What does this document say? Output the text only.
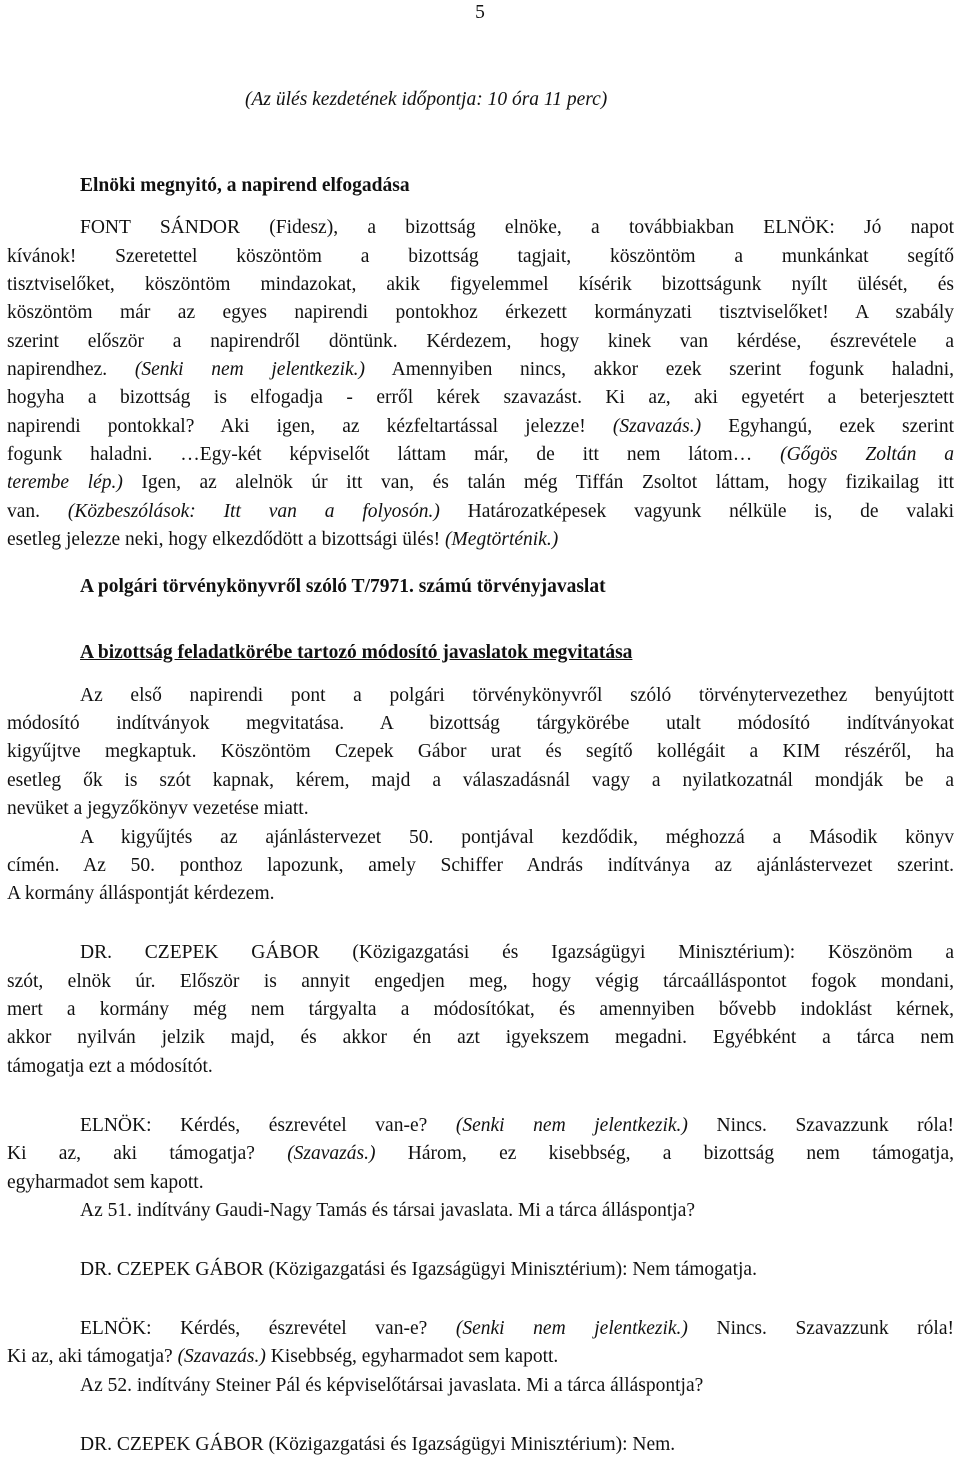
5
(Az ülés kezdetének időpontja: 10 óra 11 perc)
Elnöki megnyitó, a napirend elfogadása
FONT SÁNDOR (Fidesz), a bizottság elnöke, a továbbiakban ELNÖK: Jó napot
kívánok! Szeretettel köszöntöm a bizottság tagjait, köszöntöm a munkánkat segítő
tisztviselőket, köszöntöm mindazokat, akik figyelemmel kísérik bizottságunk nyílt ülését, és
köszöntöm már az egyes napirendi pontokhoz érkezett kormányzati tisztviselőket! A szabály
szerint először a napirendről döntünk. Kérdezem, hogy kinek van kérdése, észrevétele a
napirendhez. (Senki nem jelentkezik.) Amennyiben nincs, akkor ezek szerint fogunk haladni,
hogyha a bizottság is elfogadja - erről kérek szavazást. Ki az, aki egyetért a beterjesztett
napirendi pontokkal? Aki igen, az kézfeltartással jelezze! (Szavazás.) Egyhangú, ezek szerint
fogunk haladni. …Egy-két képviselőt láttam már, de itt nem látom… (Gőgös Zoltán a
terembe lép.) Igen, az alelnök úr itt van, és talán még Tiffán Zsoltot láttam, hogy fizikailag itt
van. (Közbeszólások: Itt van a folyosón.) Határozatképesek vagyunk nélküle is, de valaki
esetleg jelezze neki, hogy elkezdődött a bizottsági ülés! (Megtörténik.)
A polgári törvénykönyvről szóló T/7971. számú törvényjavaslat
A bizottság feladatkörébe tartozó módosító javaslatok megvitatása
Az első napirendi pont a polgári törvénykönyvről szóló törvénytervezethez benyújtott
módosító indítványok megvitatása. A bizottság tárgykörébe utalt módosító indítványokat
kigyűjtve megkaptuk. Köszöntöm Czepek Gábor urat és segítő kollégáit a KIM részéről, ha
esetleg ők is szót kapnak, kérem, majd a válaszadásnál vagy a nyilatkozatnál mondják be a
nevüket a jegyzőkönyv vezetése miatt.
A kigyűjtés az ajánlástervezet 50. pontjával kezdődik, méghozzá a Második könyv
címén. Az 50. ponthoz lapozunk, amely Schiffer András indítványa az ajánlástervezet szerint.
A kormány álláspontját kérdezem.
DR. CZEPEK GÁBOR (Közigazgatási és Igazságügyi Minisztérium): Köszönöm a
szót, elnök úr. Először is annyit engedjen meg, hogy végig tárcaálláspontot fogok mondani,
mert a kormány még nem tárgyalta a módosítókat, és amennyiben bővebb indoklást kérnek,
akkor nyilván jelzik majd, és akkor én azt igyekszem megadni. Egyébként a tárca nem
támogatja ezt a módosítót.
ELNÖK: Kérdés, észrevétel van-e? (Senki nem jelentkezik.) Nincs. Szavazzunk róla!
Ki az, aki támogatja? (Szavazás.) Három, ez kisebbség, a bizottság nem támogatja,
egyharmadot sem kapott.
Az 51. indítvány Gaudi-Nagy Tamás és társai javaslata. Mi a tárca álláspontja?
DR. CZEPEK GÁBOR (Közigazgatási és Igazságügyi Minisztérium): Nem támogatja.
ELNÖK: Kérdés, észrevétel van-e? (Senki nem jelentkezik.) Nincs. Szavazzunk róla!
Ki az, aki támogatja? (Szavazás.) Kisebbség, egyharmadot sem kapott.
Az 52. indítvány Steiner Pál és képviselőtársai javaslata. Mi a tárca álláspontja?
DR. CZEPEK GÁBOR (Közigazgatási és Igazságügyi Minisztérium): Nem.
